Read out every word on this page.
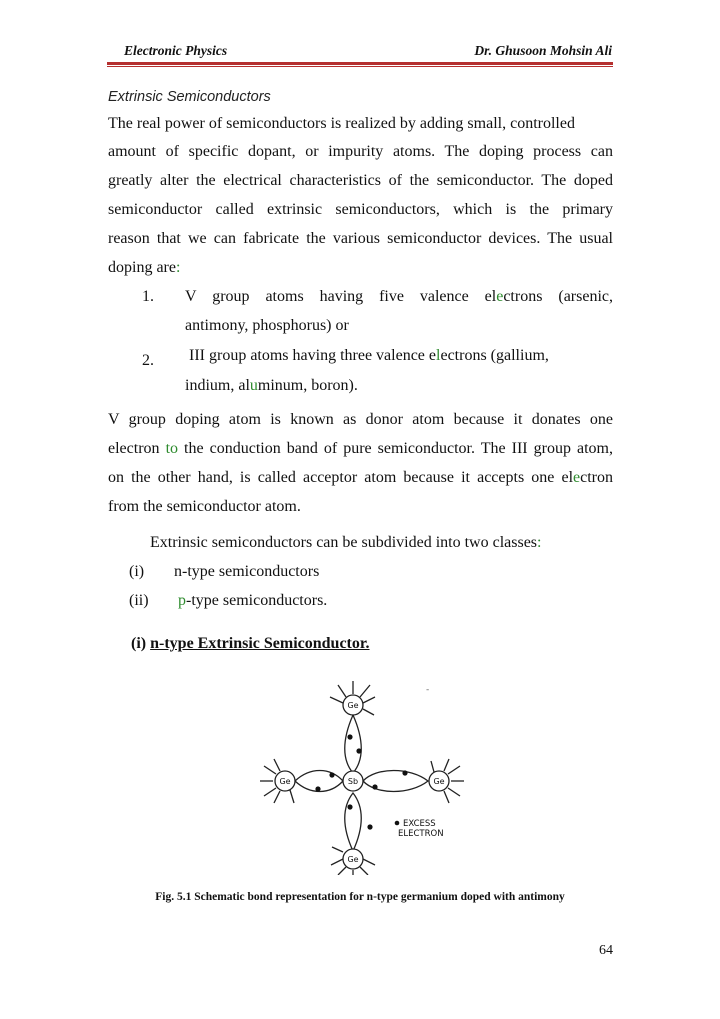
Electronic Physics	Dr. Ghusoon Mohsin Ali
Extrinsic Semiconductors
The real power of semiconductors is realized by adding small, controlled
amount of specific dopant, or impurity atoms. The doping process can
greatly alter the electrical characteristics of the semiconductor. The doped
semiconductor called extrinsic semiconductors, which is the primary
reason that we can fabricate the various semiconductor devices. The usual
doping are:
1. V group atoms having five valence electrons (arsenic,
antimony, phosphorus) or
2. III group atoms having three valence electrons (gallium,
indium, aluminum, boron).
V group doping atom is known as donor atom because it donates one
electron to the conduction band of pure semiconductor. The III group atom,
on the other hand, is called acceptor atom because it accepts one electron
from the semiconductor atom.
Extrinsic semiconductors can be subdivided into two classes:
(i) n-type semiconductors
(ii) p-type semiconductors.
(i) n-type Extrinsic Semiconductor.
Ge
Ge	Sb	Ge
Ge
EXCESS
ELECTRON
-
Fig. 5.1 Schematic bond representation for n-type germanium doped with antimony
64
